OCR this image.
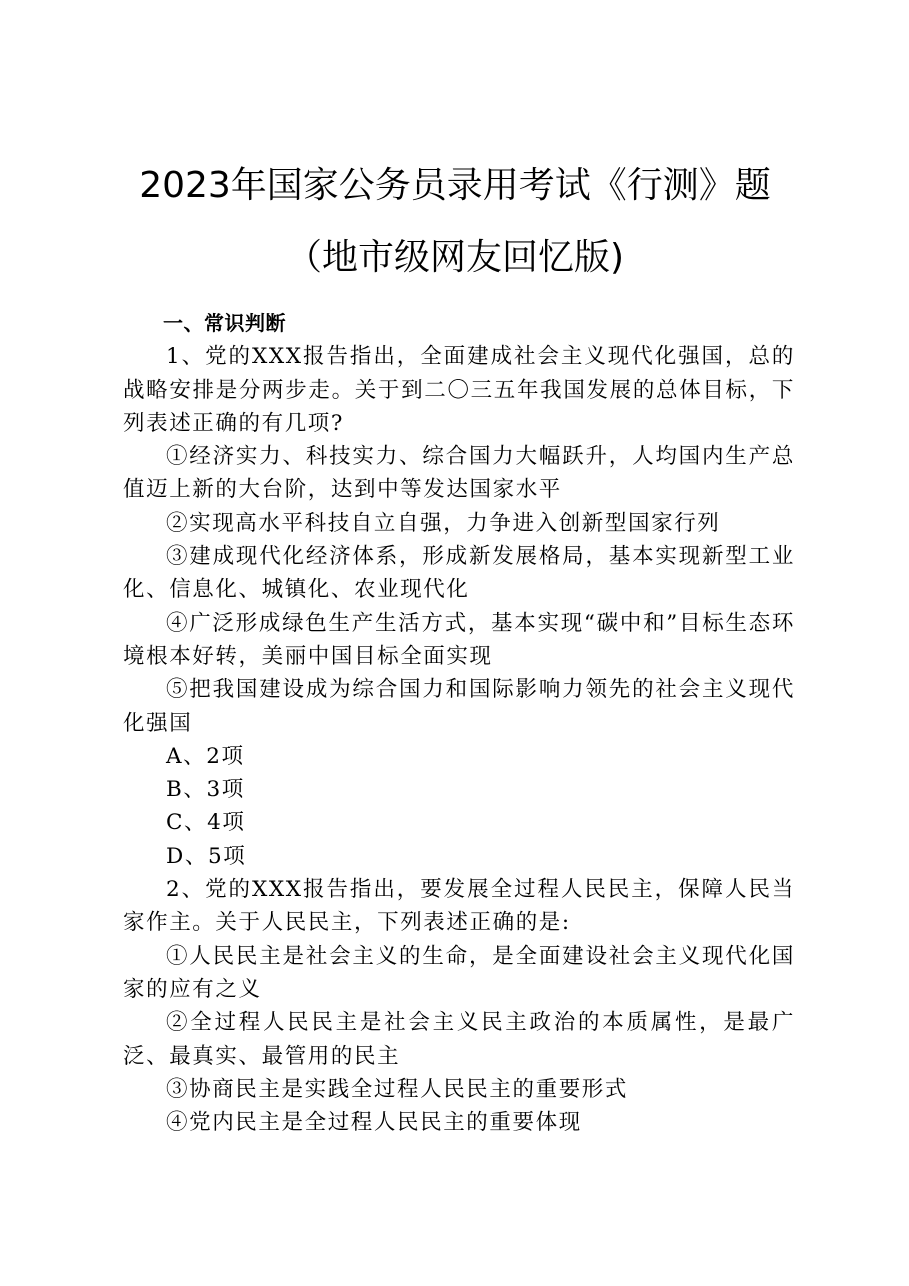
2023年国家公务员录用考试《行测》题（地市级网友回忆版)

一、常识判断

1、党的XXX报告指出，全面建成社会主义现代化强国，总的战略安排是分两步走。关于到二〇三五年我国发展的总体目标，下列表述正确的有几项?

①经济实力、科技实力、综合国力大幅跃升，人均国内生产总值迈上新的大台阶，达到中等发达国家水平

②实现高水平科技自立自强，力争进入创新型国家行列

③建成现代化经济体系，形成新发展格局，基本实现新型工业化、信息化、城镇化、农业现代化

④广泛形成绿色生产生活方式，基本实现“碳中和”目标生态环境根本好转，美丽中国目标全面实现

⑤把我国建设成为综合国力和国际影响力领先的社会主义现代化强国

A、2项

B、3项

C、4项

D、5项

2、党的XXX报告指出，要发展全过程人民民主，保障人民当家作主。关于人民民主，下列表述正确的是:

①人民民主是社会主义的生命，是全面建设社会主义现代化国家的应有之义

②全过程人民民主是社会主义民主政治的本质属性，是最广泛、最真实、最管用的民主

③协商民主是实践全过程人民民主的重要形式

④党内民主是全过程人民民主的重要体现
